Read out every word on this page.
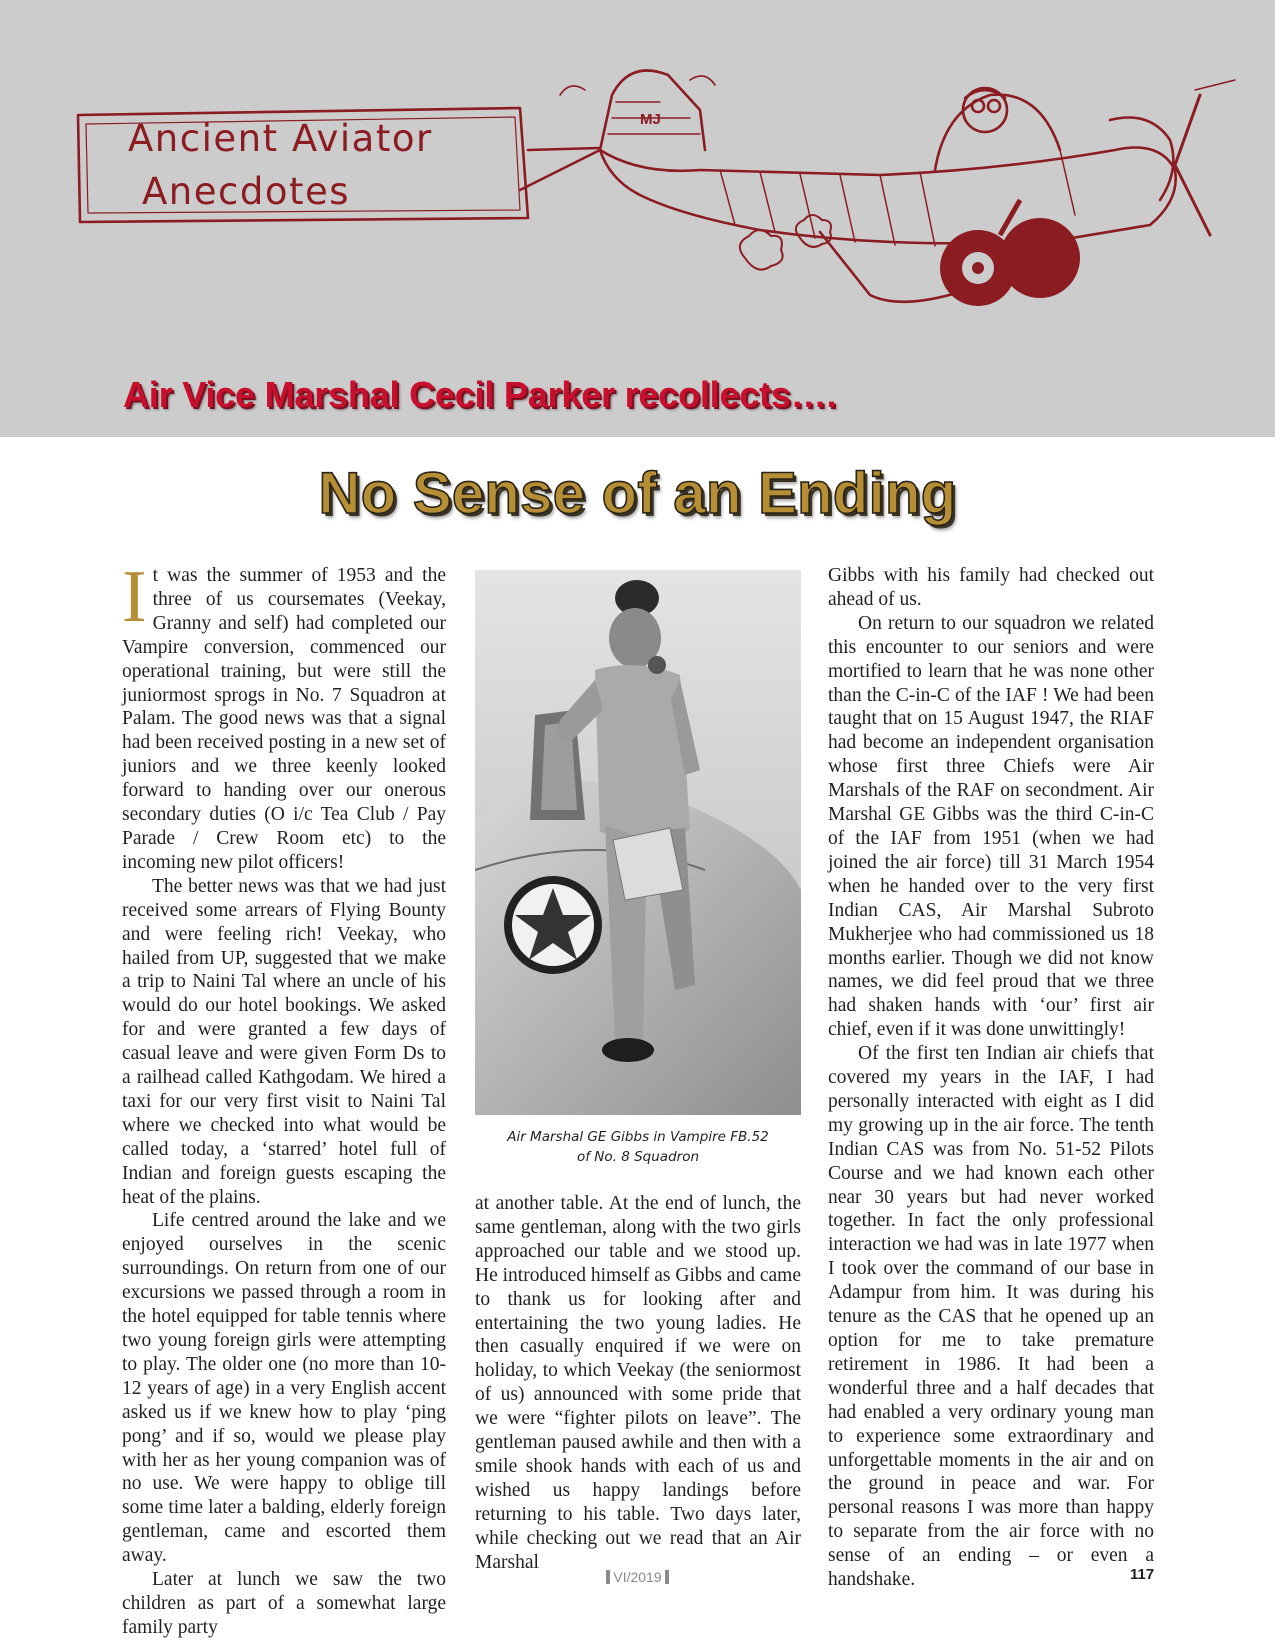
MJ
Ancient Aviator
Anecdotes
Air Vice Marshal Cecil Parker recollects….
No Sense of an Ending

It was the summer of 1953 and the three of us coursemates (Veekay, Granny and self) had completed our Vampire conversion, commenced our operational training, but were still the juniormost sprogs in No. 7 Squadron at Palam. The good news was that a signal had been received posting in a new set of juniors and we three keenly looked forward to handing over our onerous secondary duties (O i/c Tea Club / Pay Parade / Crew Room etc) to the incoming new pilot officers!

The better news was that we had just received some arrears of Flying Bounty and were feeling rich! Veekay, who hailed from UP, suggested that we make a trip to Naini Tal where an uncle of his would do our hotel bookings. We asked for and were granted a few days of casual leave and were given Form Ds to a railhead called Kathgodam. We hired a taxi for our very first visit to Naini Tal where we checked into what would be called today, a ‘starred’ hotel full of Indian and foreign guests escaping the heat of the plains.

Life centred around the lake and we enjoyed ourselves in the scenic surroundings. On return from one of our excursions we passed through a room in the hotel equipped for table tennis where two young foreign girls were attempting to play. The older one (no more than 10-12 years of age) in a very English accent asked us if we knew how to play ‘ping pong’ and if so, would we please play with her as her young companion was of no use. We were happy to oblige till some time later a balding, elderly foreign gentleman, came and escorted them away.

Later at lunch we saw the two children as part of a somewhat large family party

Air Marshal GE Gibbs in Vampire FB.52
of No. 8 Squadron

at another table. At the end of lunch, the same gentleman, along with the two girls approached our table and we stood up. He introduced himself as Gibbs and came to thank us for looking after and entertaining the two young ladies. He then casually enquired if we were on holiday, to which Veekay (the seniormost of us) announced with some pride that we were “fighter pilots on leave”. The gentleman paused awhile and then with a smile shook hands with each of us and wished us happy landings before returning to his table. Two days later, while checking out we read that an Air Marshal

Gibbs with his family had checked out ahead of us.

On return to our squadron we related this encounter to our seniors and were mortified to learn that he was none other than the C-in-C of the IAF ! We had been taught that on 15 August 1947, the RIAF had become an independent organisation whose first three Chiefs were Air Marshals of the RAF on secondment. Air Marshal GE Gibbs was the third C-in-C of the IAF from 1951 (when we had joined the air force) till 31 March 1954 when he handed over to the very first Indian CAS, Air Marshal Subroto Mukherjee who had commissioned us 18 months earlier. Though we did not know names, we did feel proud that we three had shaken hands with ‘our’ first air chief, even if it was done unwittingly!

Of the first ten Indian air chiefs that covered my years in the IAF, I had personally interacted with eight as I did my growing up in the air force. The tenth Indian CAS was from No. 51-52 Pilots Course and we had known each other near 30 years but had never worked together. In fact the only professional interaction we had was in late 1977 when I took over the command of our base in Adampur from him. It was during his tenure as the CAS that he opened up an option for me to take premature retirement in 1986. It had been a wonderful three and a half decades that had enabled a very ordinary young man to experience some extraordinary and unforgettable moments in the air and on the ground in peace and war. For personal reasons I was more than happy to separate from the air force with no sense of an ending – or even a handshake.

VI/2019	117
